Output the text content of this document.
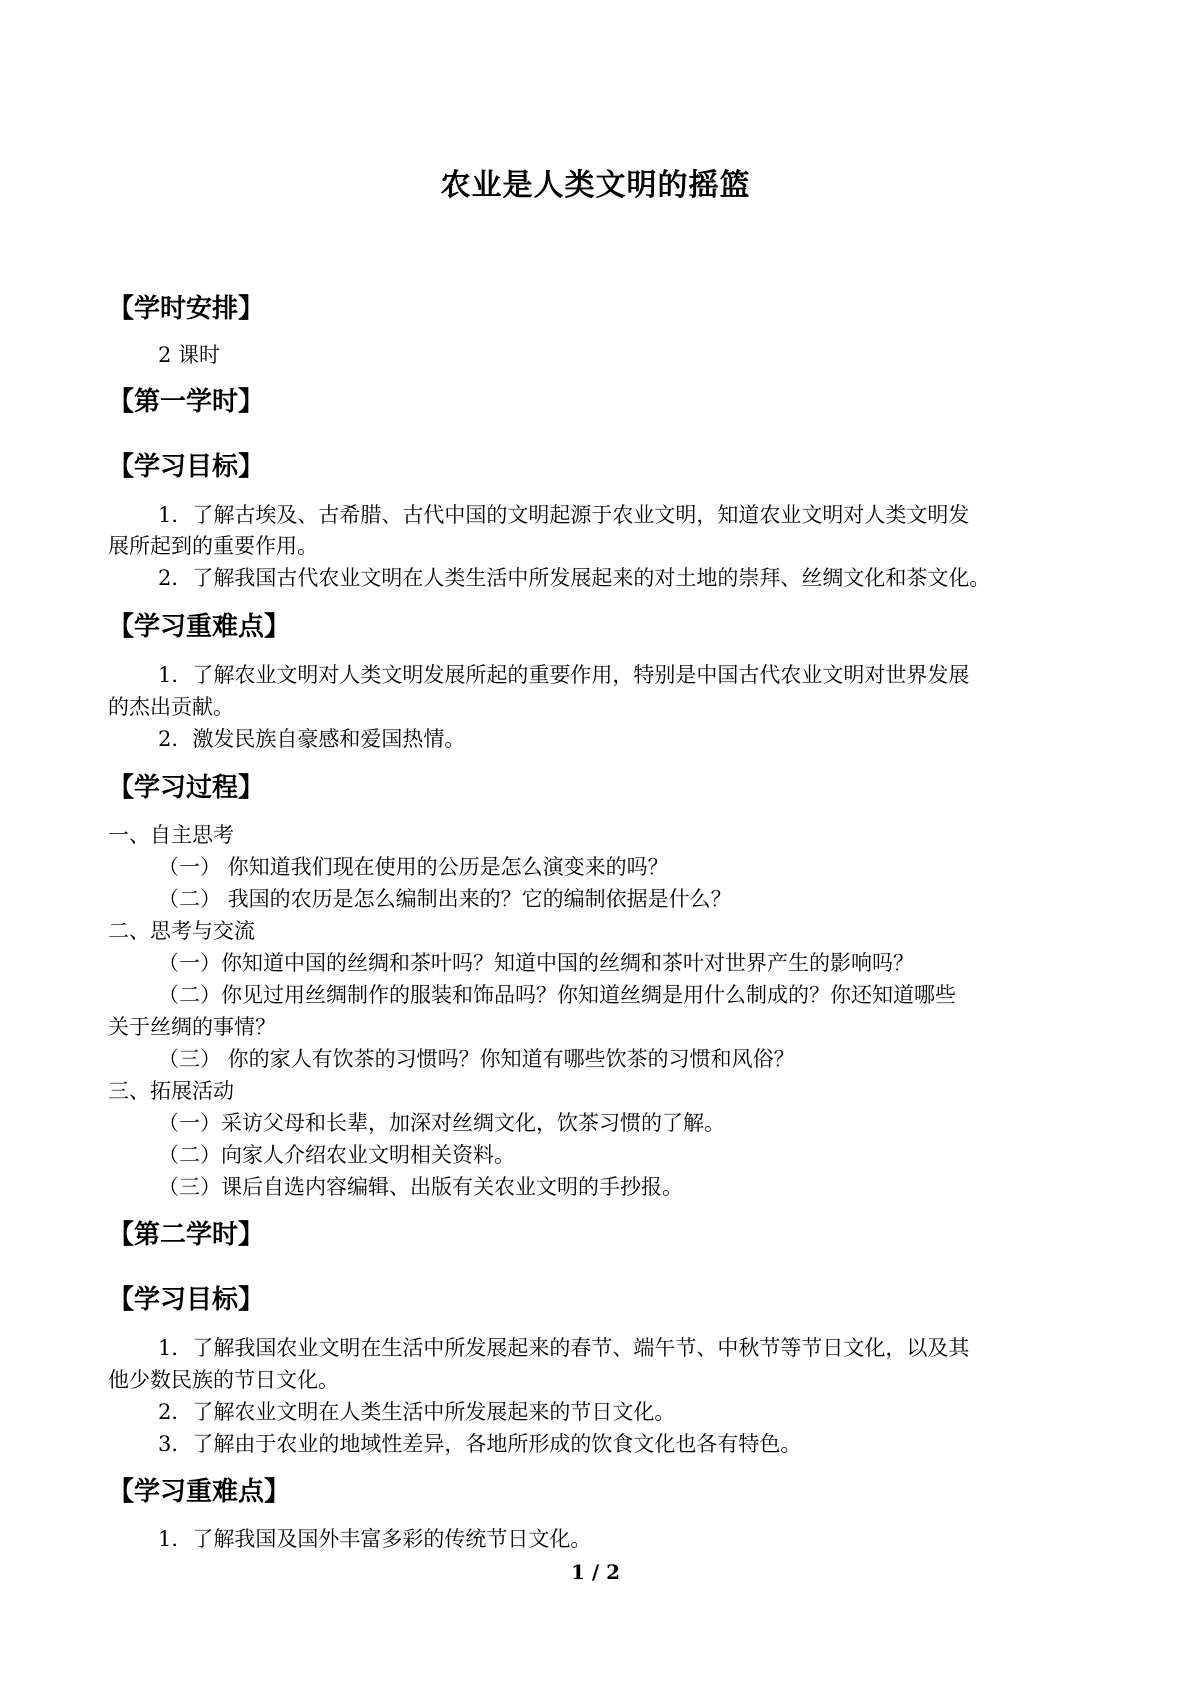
农业是人类文明的摇篮
【学时安排】
2 课时
【第一学时】
【学习目标】
1．了解古埃及、古希腊、古代中国的文明起源于农业文明，知道农业文明对人类文明发
展所起到的重要作用。
2．了解我国古代农业文明在人类生活中所发展起来的对土地的崇拜、丝绸文化和茶文化。
【学习重难点】
1．了解农业文明对人类文明发展所起的重要作用，特别是中国古代农业文明对世界发展
的杰出贡献。
2．激发民族自豪感和爱国热情。
【学习过程】
一、自主思考
（一） 你知道我们现在使用的公历是怎么演变来的吗？
（二） 我国的农历是怎么编制出来的？它的编制依据是什么？
二、思考与交流
（一）你知道中国的丝绸和茶叶吗？知道中国的丝绸和茶叶对世界产生的影响吗？
（二）你见过用丝绸制作的服装和饰品吗？你知道丝绸是用什么制成的？你还知道哪些
关于丝绸的事情？
（三） 你的家人有饮茶的习惯吗？你知道有哪些饮茶的习惯和风俗？
三、拓展活动
（一）采访父母和长辈，加深对丝绸文化，饮茶习惯的了解。
（二）向家人介绍农业文明相关资料。
（三）课后自选内容编辑、出版有关农业文明的手抄报。
【第二学时】
【学习目标】
1．了解我国农业文明在生活中所发展起来的春节、端午节、中秋节等节日文化，以及其
他少数民族的节日文化。
2．了解农业文明在人类生活中所发展起来的节日文化。
3．了解由于农业的地域性差异，各地所形成的饮食文化也各有特色。
【学习重难点】
1．了解我国及国外丰富多彩的传统节日文化。
1 / 2
